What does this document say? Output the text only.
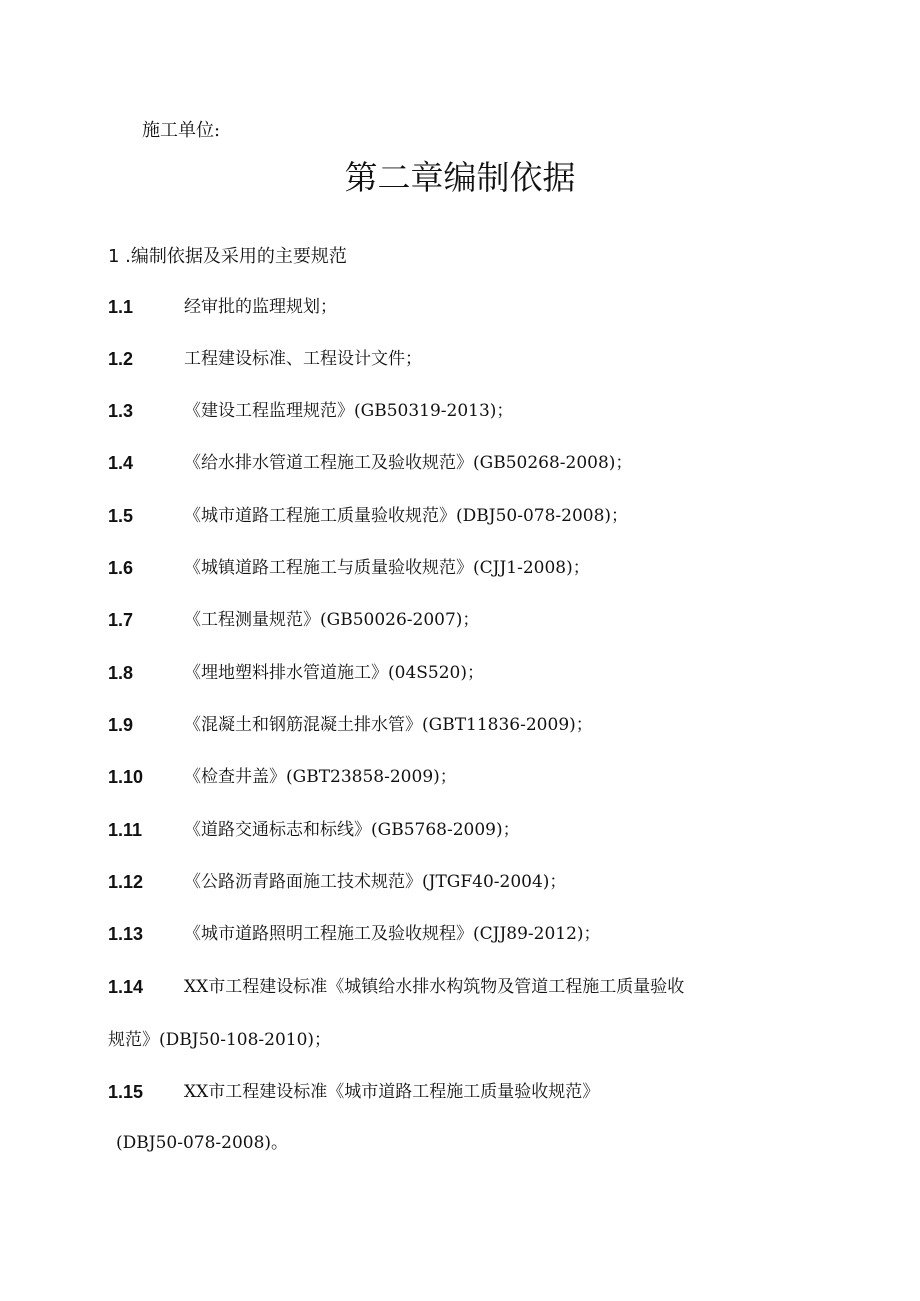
施工单位:
第二章编制依据
1 .编制依据及采用的主要规范
1.1	经审批的监理规划；
1.2	工程建设标准、工程设计文件；
1.3	《建设工程监理规范》(GB50319-2013)；
1.4	《给水排水管道工程施工及验收规范》(GB50268-2008)；
1.5	《城市道路工程施工质量验收规范》(DBJ50-078-2008)；
1.6	《城镇道路工程施工与质量验收规范》(CJJ1-2008)；
1.7	《工程测量规范》(GB50026-2007)；
1.8	《埋地塑料排水管道施工》(04S520)；
1.9	《混凝土和钢筋混凝土排水管》(GBT11836-2009)；
1.10 《检查井盖》(GBT23858-2009)；
1.11 《道路交通标志和标线》(GB5768-2009)；
1.12 《公路沥青路面施工技术规范》(JTGF40-2004)；
1.13 《城市道路照明工程施工及验收规程》(CJJ89-2012)；
1.14 XX市工程建设标准《城镇给水排水构筑物及管道工程施工质量验收
规范》(DBJ50-108-2010)；
1.15 XX市工程建设标准《城市道路工程施工质量验收规范》
(DBJ50-078-2008)。
